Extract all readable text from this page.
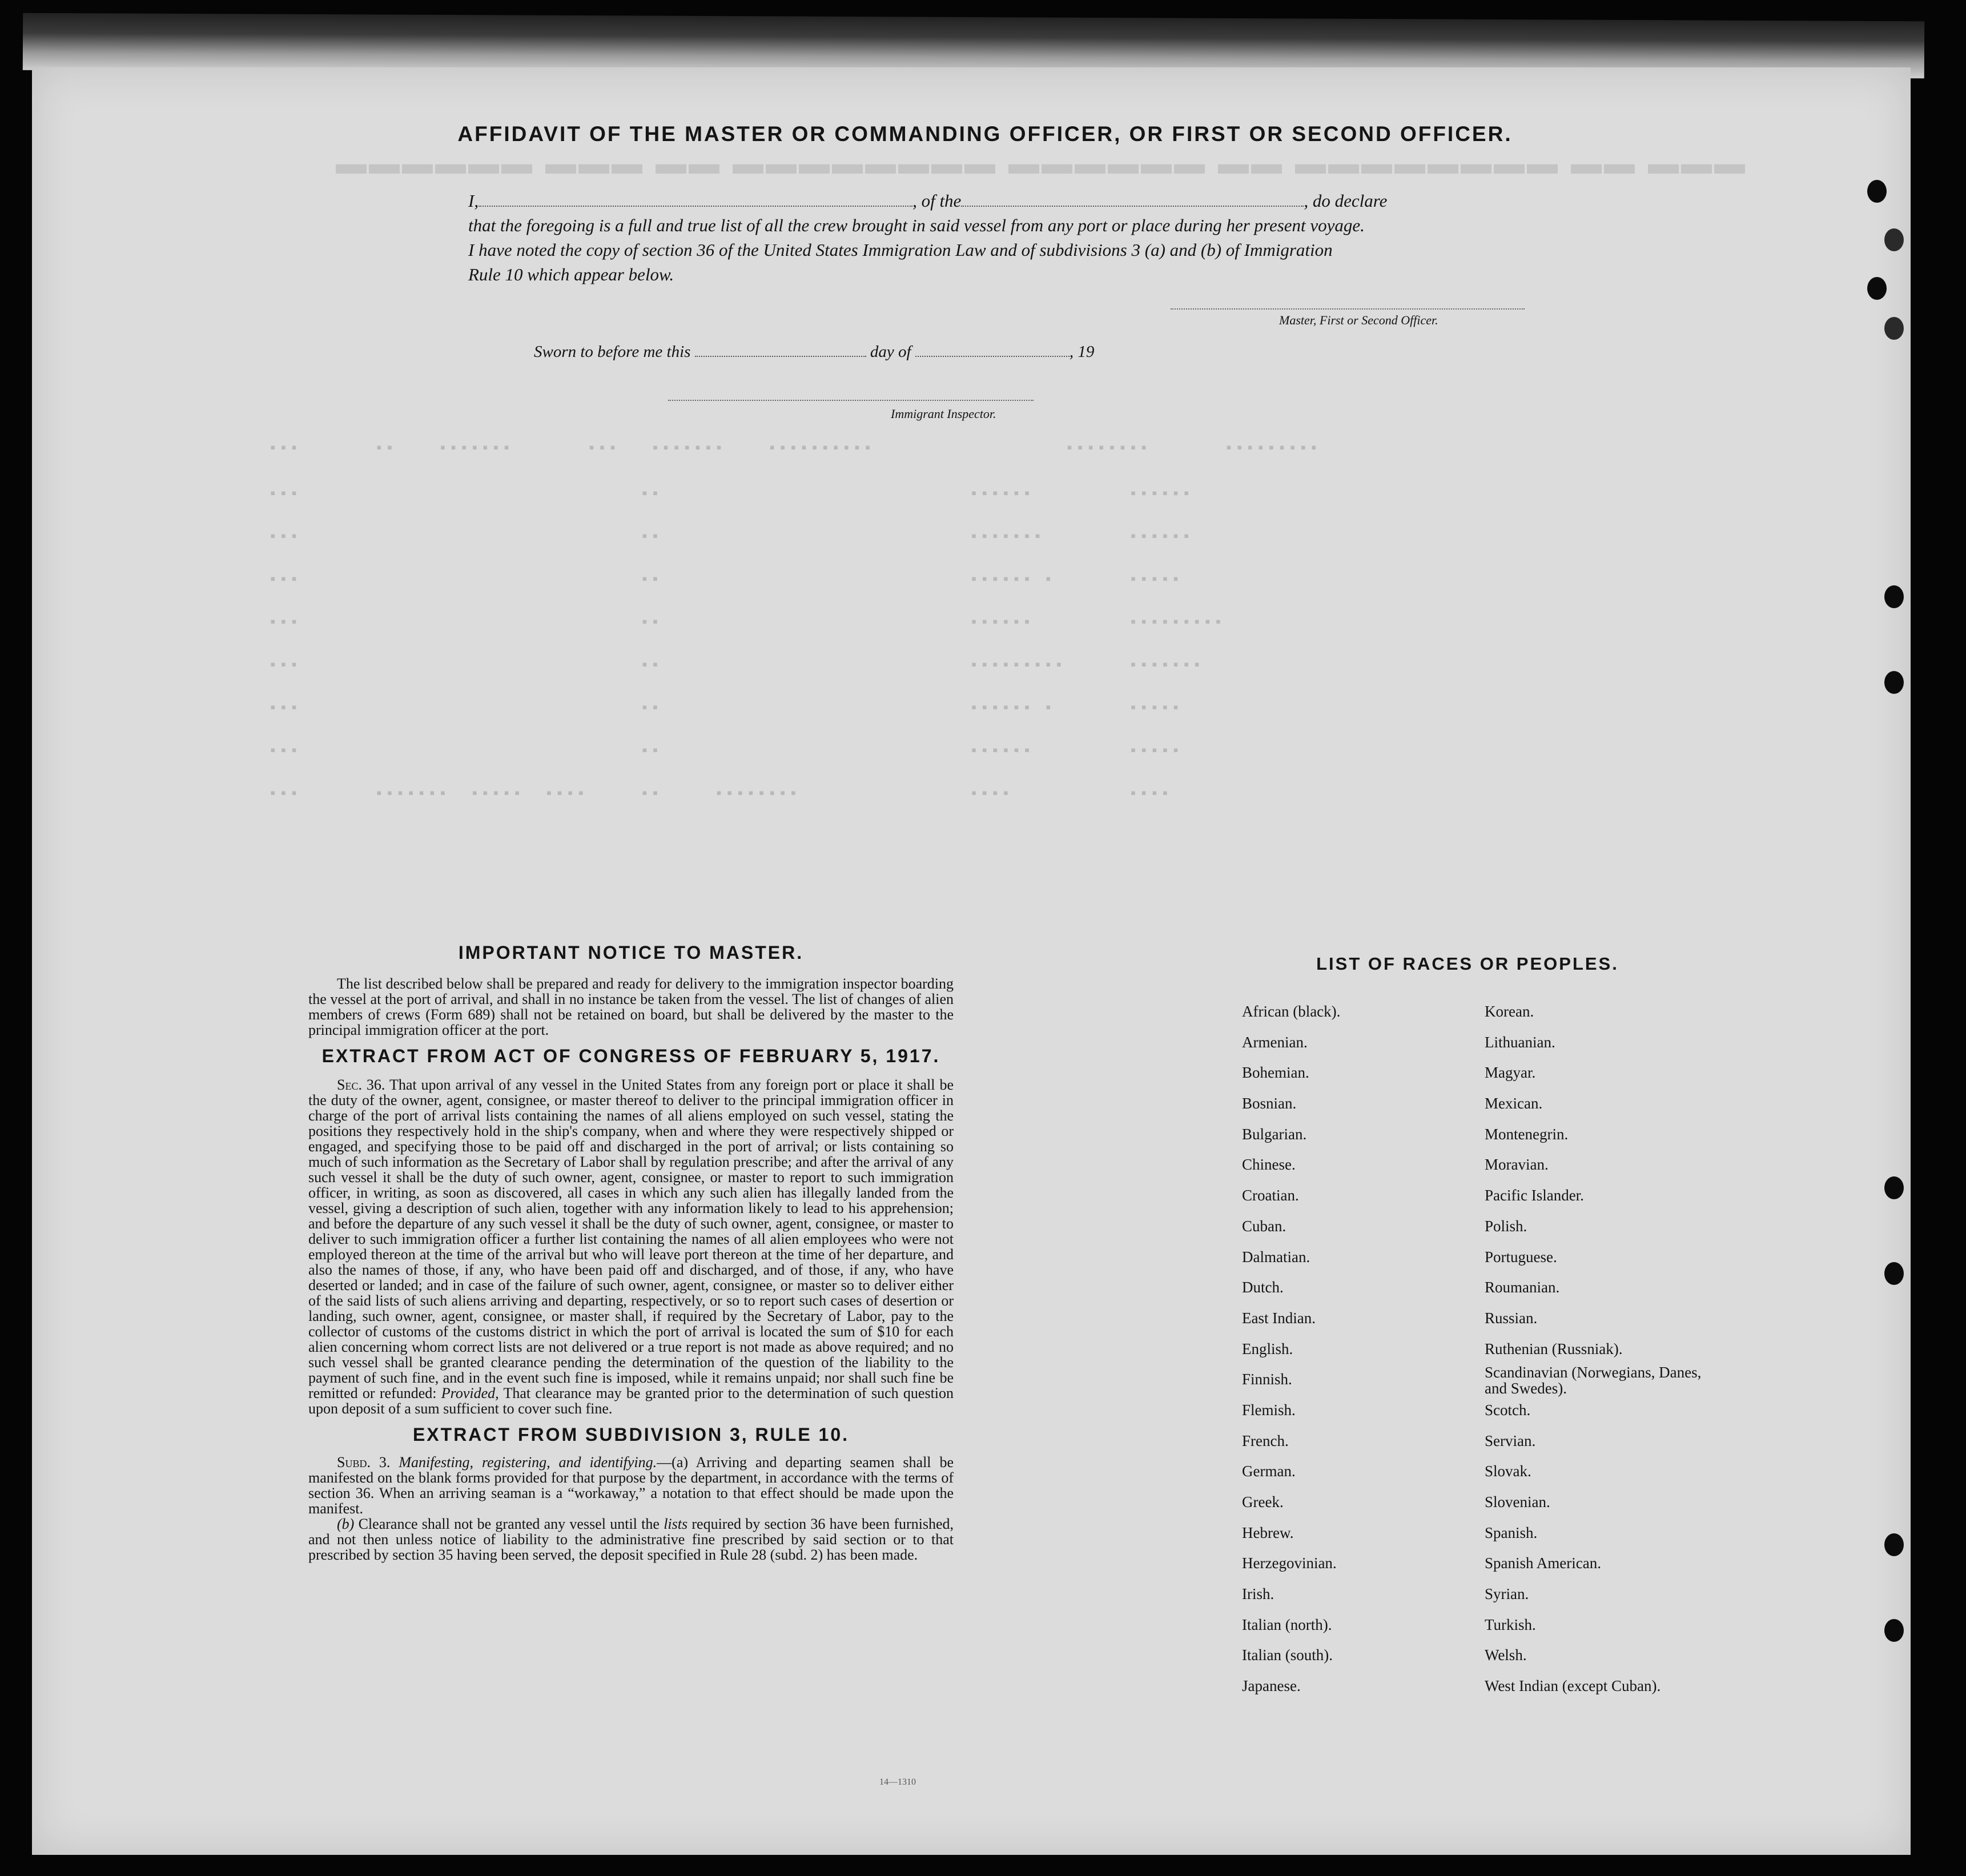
▬▬▬ ▬▬ ▬▬▬▬▬▬▬▬ ▬▬ ▬▬▬▬▬▬ ▬▬▬▬▬▬▬▬ ▬▬ ▬▬▬ ▬▬▬▬▬▬
▪▪▪       ▪▪    ▪▪▪▪▪▪▪       ▪▪▪   ▪▪▪▪▪▪▪    ▪▪▪▪▪▪▪▪▪▪                  ▪▪▪▪▪▪▪▪       ▪▪▪▪▪▪▪▪▪
▪▪▪                                ▪▪                             ▪▪▪▪▪▪         ▪▪▪▪▪▪
▪▪▪                                ▪▪                             ▪▪▪▪▪▪▪        ▪▪▪▪▪▪
▪▪▪                                ▪▪                             ▪▪▪▪▪▪ ▪       ▪▪▪▪▪
▪▪▪                                ▪▪                             ▪▪▪▪▪▪         ▪▪▪▪▪▪▪▪▪
▪▪▪                                ▪▪                             ▪▪▪▪▪▪▪▪▪      ▪▪▪▪▪▪▪
▪▪▪                                ▪▪                             ▪▪▪▪▪▪ ▪       ▪▪▪▪▪
▪▪▪                                ▪▪                             ▪▪▪▪▪▪         ▪▪▪▪▪
▪▪▪       ▪▪▪▪▪▪▪  ▪▪▪▪▪  ▪▪▪▪     ▪▪     ▪▪▪▪▪▪▪▪                ▪▪▪▪           ▪▪▪▪
AFFIDAVIT OF THE MASTER OR COMMANDING OFFICER, OR FIRST OR SECOND OFFICER.
I,	, of the	, do declare
that the foregoing is a full and true list of all the crew brought in said vessel from any port or place during her present voyage.
I have noted the copy of section 36 of the United States Immigration Law and of subdivisions 3 (a) and (b) of Immigration
Rule 10 which appear below.
Master, First or Second Officer.
Sworn to before me this	day of	, 19
Immigrant Inspector.
IMPORTANT NOTICE TO MASTER.

The list described below shall be prepared and ready for delivery to the immigration inspector boarding the vessel at the port of arrival, and shall in no instance be taken from the vessel. The list of changes of alien members of crews (Form 689) shall not be retained on board, but shall be delivered by the master to the principal immigration officer at the port.

EXTRACT FROM ACT OF CONGRESS OF FEBRUARY 5, 1917.

Sec. 36. That upon arrival of any vessel in the United States from any foreign port or place it shall be the duty of the owner, agent, consignee, or master thereof to deliver to the principal immigration officer in charge of the port of arrival lists containing the names of all aliens employed on such vessel, stating the positions they respectively hold in the ship's company, when and where they were respectively shipped or engaged, and specifying those to be paid off and discharged in the port of arrival; or lists containing so much of such information as the Secretary of Labor shall by regulation prescribe; and after the arrival of any such vessel it shall be the duty of such owner, agent, consignee, or master to report to such immigration officer, in writing, as soon as discovered, all cases in which any such alien has illegally landed from the vessel, giving a description of such alien, together with any information likely to lead to his apprehension; and before the departure of any such vessel it shall be the duty of such owner, agent, consignee, or master to deliver to such immigration officer a further list containing the names of all alien employees who were not employed thereon at the time of the arrival but who will leave port thereon at the time of her departure, and also the names of those, if any, who have been paid off and discharged, and of those, if any, who have deserted or landed; and in case of the failure of such owner, agent, consignee, or master so to deliver either of the said lists of such aliens arriving and departing, respectively, or so to report such cases of desertion or landing, such owner, agent, consignee, or master shall, if required by the Secretary of Labor, pay to the collector of customs of the customs district in which the port of arrival is located the sum of $10 for each alien concerning whom correct lists are not delivered or a true report is not made as above required; and no such vessel shall be granted clearance pending the determination of the question of the liability to the payment of such fine, and in the event such fine is imposed, while it remains unpaid; nor shall such fine be remitted or refunded: Provided, That clearance may be granted prior to the determination of such question upon deposit of a sum sufficient to cover such fine.

EXTRACT FROM SUBDIVISION 3, RULE 10.

Subd. 3. Manifesting, registering, and identifying.—(a) Arriving and departing seamen shall be manifested on the blank forms provided for that purpose by the department, in accordance with the terms of section 36. When an arriving seaman is a “workaway,” a notation to that effect should be made upon the manifest.

(b) Clearance shall not be granted any vessel until the lists required by section 36 have been furnished, and not then unless notice of liability to the administrative fine prescribed by said section or to that prescribed by section 35 having been served, the deposit specified in Rule 28 (subd. 2) has been made.

14—1310
LIST OF RACES OR PEOPLES.
African (black).
Armenian.
Bohemian.
Bosnian.
Bulgarian.
Chinese.
Croatian.
Cuban.
Dalmatian.
Dutch.
East Indian.
English.
Finnish.
Flemish.
French.
German.
Greek.
Hebrew.
Herzegovinian.
Irish.
Italian (north).
Italian (south).
Japanese.
Korean.
Lithuanian.
Magyar.
Mexican.
Montenegrin.
Moravian.
Pacific Islander.
Polish.
Portuguese.
Roumanian.
Russian.
Ruthenian (Russniak).
Scandinavian (Norwegians, Danes, and Swedes).
Scotch.
Servian.
Slovak.
Slovenian.
Spanish.
Spanish American.
Syrian.
Turkish.
Welsh.
West Indian (except Cuban).
